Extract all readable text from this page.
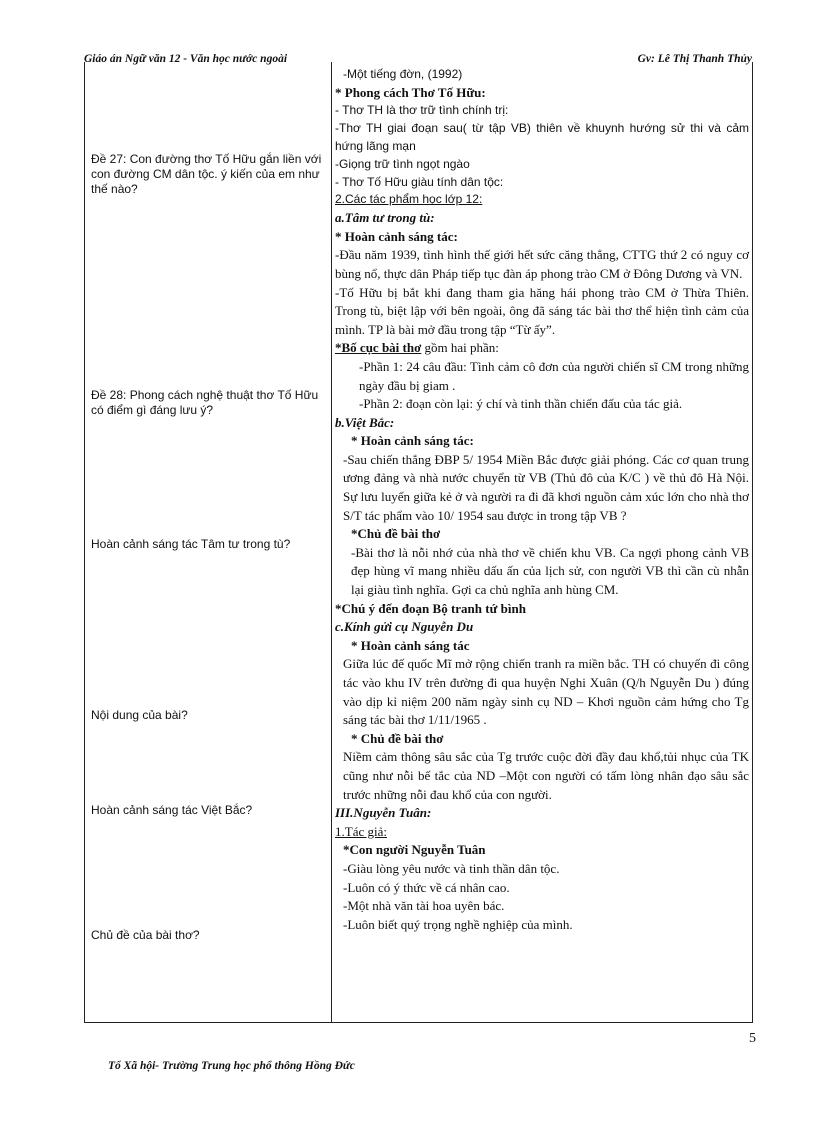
Giáo án Ngữ văn 12 - Văn học nước ngoài	Gv: Lê Thị Thanh Thủy
Đề 27: Con đường thơ Tố Hữu gắn liền với con đường CM dân tộc. ý kiến của em như thế nào?
Đề 28: Phong cách nghệ thuật thơ Tố Hữu có điểm gì đáng lưu ý?
Hoàn cảnh sáng tác Tâm tư trong tù?
Nội dung của bài?
Hoàn cảnh sáng tác Việt Bắc?
Chủ đề của bài thơ?

-Một tiếng đờn, (1992)

* Phong cách Thơ Tố Hữu:

- Thơ TH là thơ trữ tình chính trị:

-Thơ TH giai đoạn sau( từ tập VB) thiên về khuynh hướng sử thi và cảm hứng lãng mạn

-Giọng trữ tình ngọt ngào

- Thơ Tố Hữu giàu tính dân tộc:

2.Các tác phẩm học lớp 12:

a.Tâm tư trong tù:

* Hoàn cảnh sáng tác:

-Đầu năm 1939, tình hình thế giới hết sức căng thẳng, CTTG thứ 2 có nguy cơ bùng nổ, thực dân Pháp tiếp tục đàn áp phong trào CM ở Đông Dương và VN.

-Tố Hữu bị bắt khi đang tham gia hăng hái phong trào CM ở Thừa Thiên. Trong tù, biệt lập với bên ngoài, ông đã sáng tác bài thơ thể hiện tình cảm của mình. TP là bài mở đầu trong tập “Từ ấy”.

*Bố cục bài thơ gồm hai phần:

-Phần 1: 24 câu đầu: Tình cảm cô đơn của người chiến sĩ CM trong những ngày đầu bị giam .

-Phần 2: đoạn còn lại: ý chí và tinh thần chiến đấu của tác giả.

b.Việt Bắc:

* Hoàn cảnh sáng tác:

-Sau chiến thắng ĐBP 5/ 1954 Miền Bắc được giải phóng. Các cơ quan trung ương đảng và nhà nước chuyển từ VB (Thủ đô của K/C ) về thủ đô Hà Nội. Sự lưu luyến giữa kẻ ở và người ra đi đã khơi nguồn cảm xúc lớn cho nhà thơ S/T tác phẩm vào 10/ 1954 sau được in trong tập VB ?

*Chủ đề bài thơ

-Bài thơ là nỗi nhớ của nhà thơ về chiến khu VB. Ca ngợi phong cảnh VB đẹp hùng vĩ mang nhiều dấu ấn của lịch sử, con người VB thì cần cù nhẫn lại giàu tình nghĩa. Gợi ca chủ nghĩa anh hùng CM.

*Chú ý đến đoạn Bộ tranh tứ bình

c.Kính gửi cụ Nguyễn Du

* Hoàn cảnh sáng tác

Giữa lúc đế quốc Mĩ mở rộng chiến tranh ra miền bắc. TH có chuyến đi công tác vào khu IV trên đường đi qua huyện Nghi Xuân (Q/h Nguyễn Du ) đúng vào dịp kỉ niệm 200 năm ngày sinh cụ ND – Khơi nguồn cảm hứng cho Tg sáng tác bài thơ 1/11/1965 .

* Chủ đề bài thơ

Niềm cảm thông sâu sắc của Tg trước cuộc đời đầy đau khổ,tủi nhục của TK cũng như nỗi bế tắc của ND –Một con người có tấm lòng nhân đạo sâu sắc trước những nỗi đau khổ của con người.

III.Nguyễn Tuân:

1.Tác giả:

*Con người Nguyễn Tuân

-Giàu lòng yêu nước và tinh thần dân tộc.

-Luôn có ý thức về cá nhân cao.

-Một nhà văn tài hoa uyên bác.

-Luôn biết quý trọng nghề nghiệp của mình.

5
Tổ Xã hội- Trường Trung học phổ thông Hồng Đức
